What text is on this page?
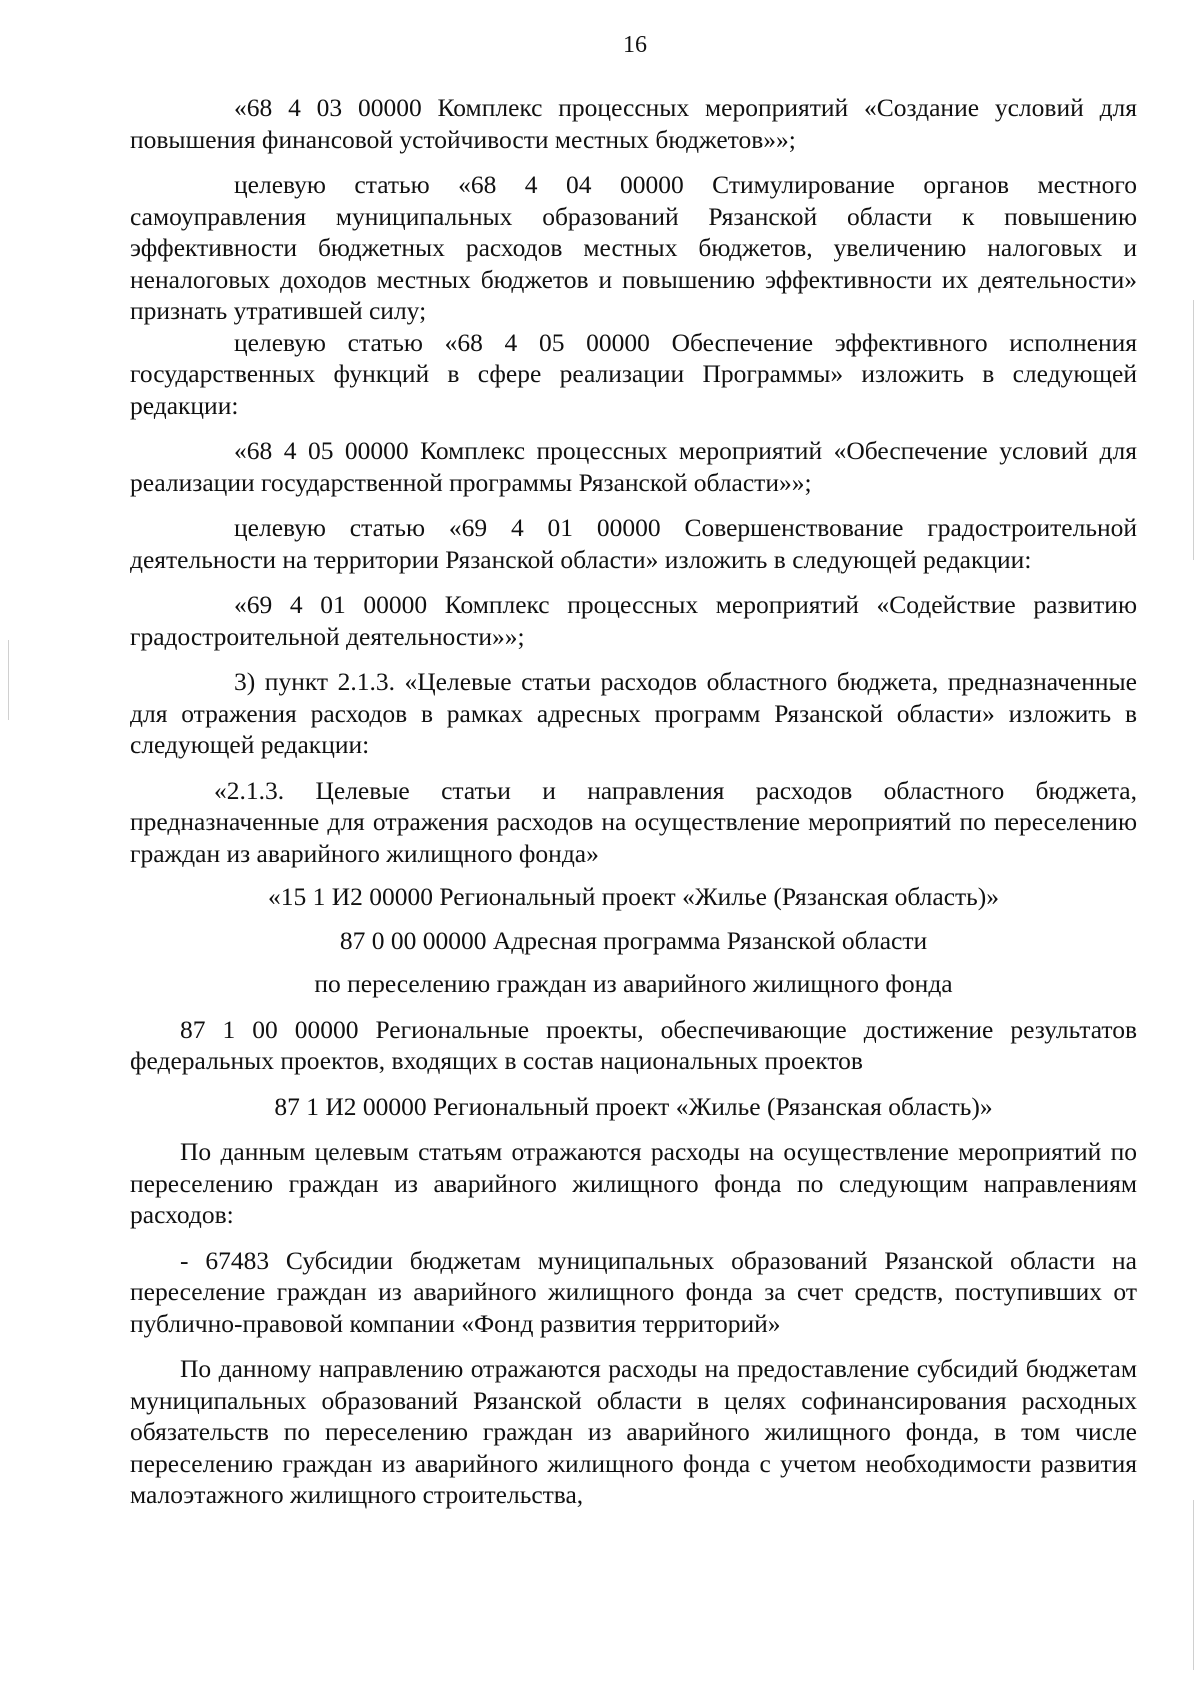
16

«68 4 03 00000 Комплекс процессных мероприятий «Создание условий для повышения финансовой устойчивости местных бюджетов»»;

целевую статью «68 4 04 00000 Стимулирование органов местного самоуправления муниципальных образований Рязанской области к повышению эффективности бюджетных расходов местных бюджетов, увеличению налоговых и неналоговых доходов местных бюджетов и повышению эффективности их деятельности» признать утратившей силу;

целевую статью «68 4 05 00000 Обеспечение эффективного исполнения государственных функций в сфере реализации Программы» изложить в следующей редакции:

«68 4 05 00000 Комплекс процессных мероприятий «Обеспечение условий для реализации государственной программы Рязанской области»»;

целевую статью «69 4 01 00000 Совершенствование градостроительной деятельности на территории Рязанской области» изложить в следующей редакции:

«69 4 01 00000 Комплекс процессных мероприятий «Содействие развитию градостроительной деятельности»»;

3) пункт 2.1.3. «Целевые статьи расходов областного бюджета, предназначенные для отражения расходов в рамках адресных программ Рязанской области» изложить в следующей редакции:

«2.1.3. Целевые статьи и направления расходов областного бюджета, предназначенные для отражения расходов на осуществление мероприятий по переселению граждан из аварийного жилищного фонда»

«15 1 И2 00000 Региональный проект «Жилье (Рязанская область)»

87 0 00 00000 Адресная программа Рязанской области

по переселению граждан из аварийного жилищного фонда

87 1 00 00000 Региональные проекты, обеспечивающие достижение результатов федеральных проектов, входящих в состав национальных проектов

87 1 И2 00000 Региональный проект «Жилье (Рязанская область)»

По данным целевым статьям отражаются расходы на осуществление мероприятий по переселению граждан из аварийного жилищного фонда по следующим направлениям расходов:

- 67483 Субсидии бюджетам муниципальных образований Рязанской области на переселение граждан из аварийного жилищного фонда за счет средств, поступивших от публично-правовой компании «Фонд развития территорий»

По данному направлению отражаются расходы на предоставление субсидий бюджетам муниципальных образований Рязанской области в целях софинансирования расходных обязательств по переселению граждан из аварийного жилищного фонда, в том числе переселению граждан из аварийного жилищного фонда с учетом необходимости развития малоэтажного жилищного строительства,
